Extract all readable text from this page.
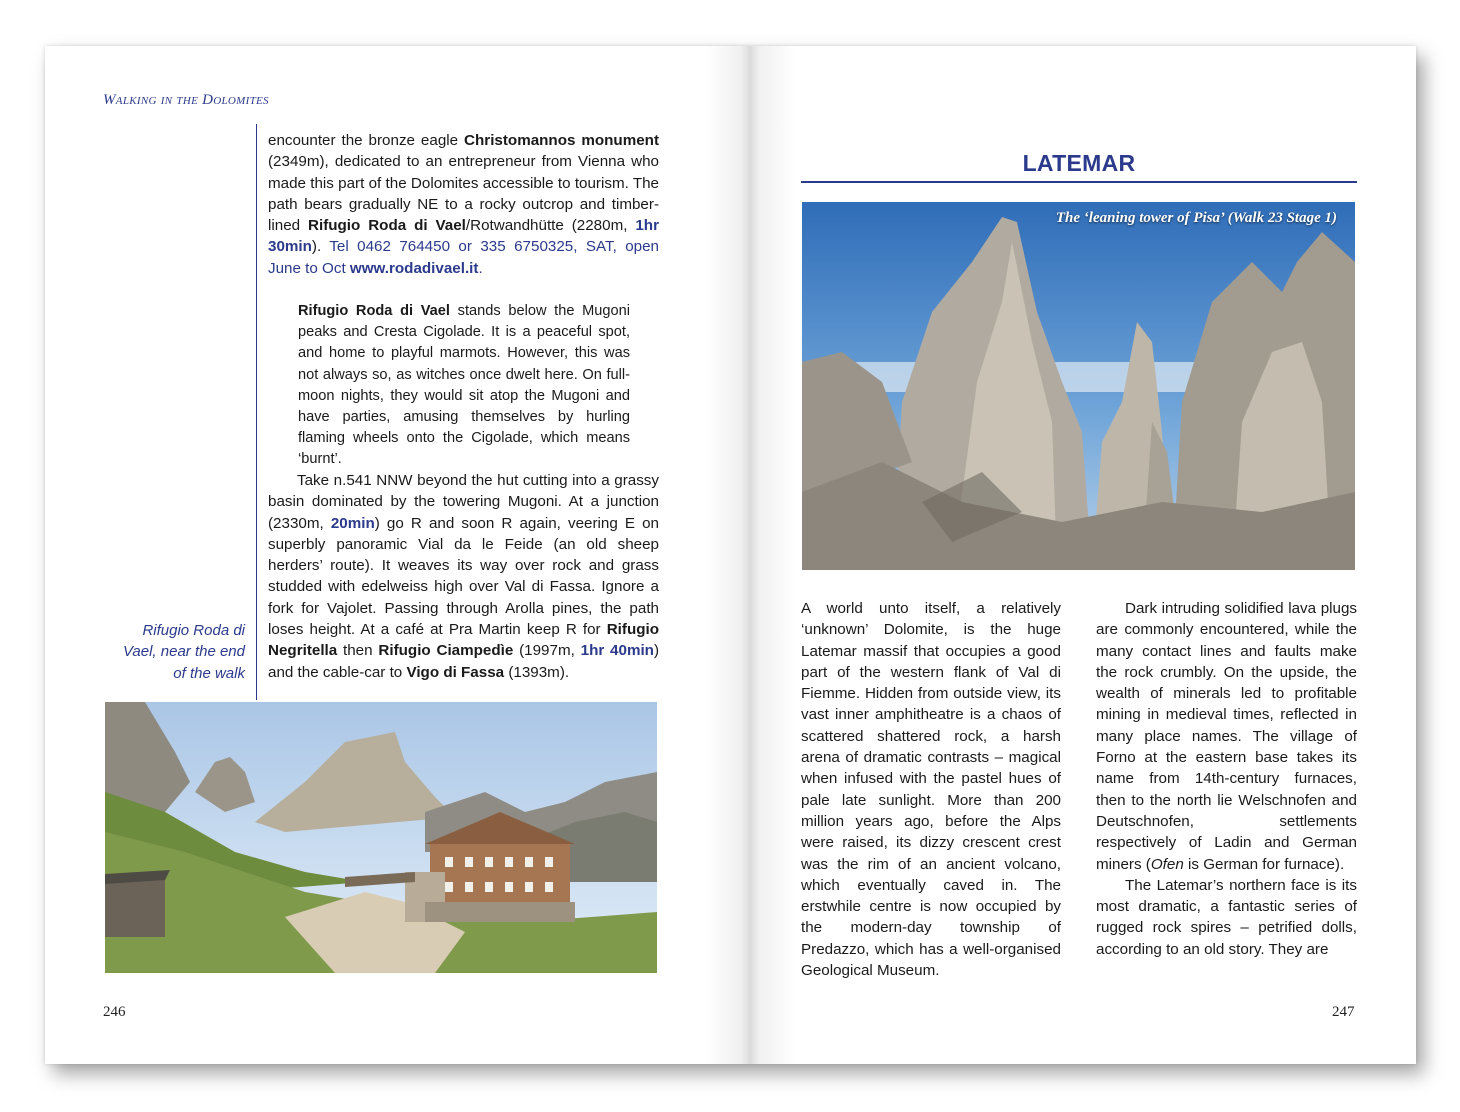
Walking in the Dolomites
encounter the bronze eagle Christomannos monument (2349m), dedicated to an entrepreneur from Vienna who made this part of the Dolomites accessible to tourism. The path bears gradually NE to a rocky outcrop and timber-lined Rifugio Roda di Vael/Rotwandhütte (2280m, 1hr 30min). Tel 0462 764450 or 335 6750325, SAT, open June to Oct www.rodadivael.it.
Rifugio Roda di Vael stands below the Mugoni peaks and Cresta Cigolade. It is a peaceful spot, and home to playful marmots. However, this was not always so, as witches once dwelt here. On full-moon nights, they would sit atop the Mugoni and have parties, amusing themselves by hurling flaming wheels onto the Cigolade, which means ‘burnt’.
Take n.541 NNW beyond the hut cutting into a grassy basin dominated by the towering Mugoni. At a junction (2330m, 20min) go R and soon R again, veering E on superbly panoramic Vial da le Feide (an old sheep herders’ route). It weaves its way over rock and grass studded with edelweiss high over Val di Fassa. Ignore a fork for Vajolet. Passing through Arolla pines, the path loses height. At a café at Pra Martin keep R for Rifugio Negritella then Rifugio Ciampedìe (1997m, 1hr 40min) and the cable-car to Vigo di Fassa (1393m).
Rifugio Roda di Vael, near the end of the walk
246
LATEMAR
The ‘leaning tower of Pisa’ (Walk 23 Stage 1)
A world unto itself, a relatively ‘unknown’ Dolomite, is the huge Latemar massif that occupies a good part of the western flank of Val di Fiemme. Hidden from outside view, its vast inner amphitheatre is a chaos of scattered shattered rock, a harsh arena of dramatic contrasts – magical when infused with the pastel hues of pale late sunlight. More than 200 million years ago, before the Alps were raised, its dizzy crescent crest was the rim of an ancient volcano, which eventually caved in. The erstwhile centre is now occupied by the modern-day township of Predazzo, which has a well-organised Geological Museum.

Dark intruding solidified lava plugs are commonly encountered, while the many contact lines and faults make the rock crumbly. On the upside, the wealth of minerals led to profitable mining in medieval times, reflected in many place names. The village of Forno at the eastern base takes its name from 14th-century furnaces, then to the north lie Welschnofen and Deutschnofen, settlements respectively of Ladin and German miners (Ofen is German for furnace).

The Latemar’s northern face is its most dramatic, a fantastic series of rugged rock spires – petrified dolls, according to an old story. They are

247
